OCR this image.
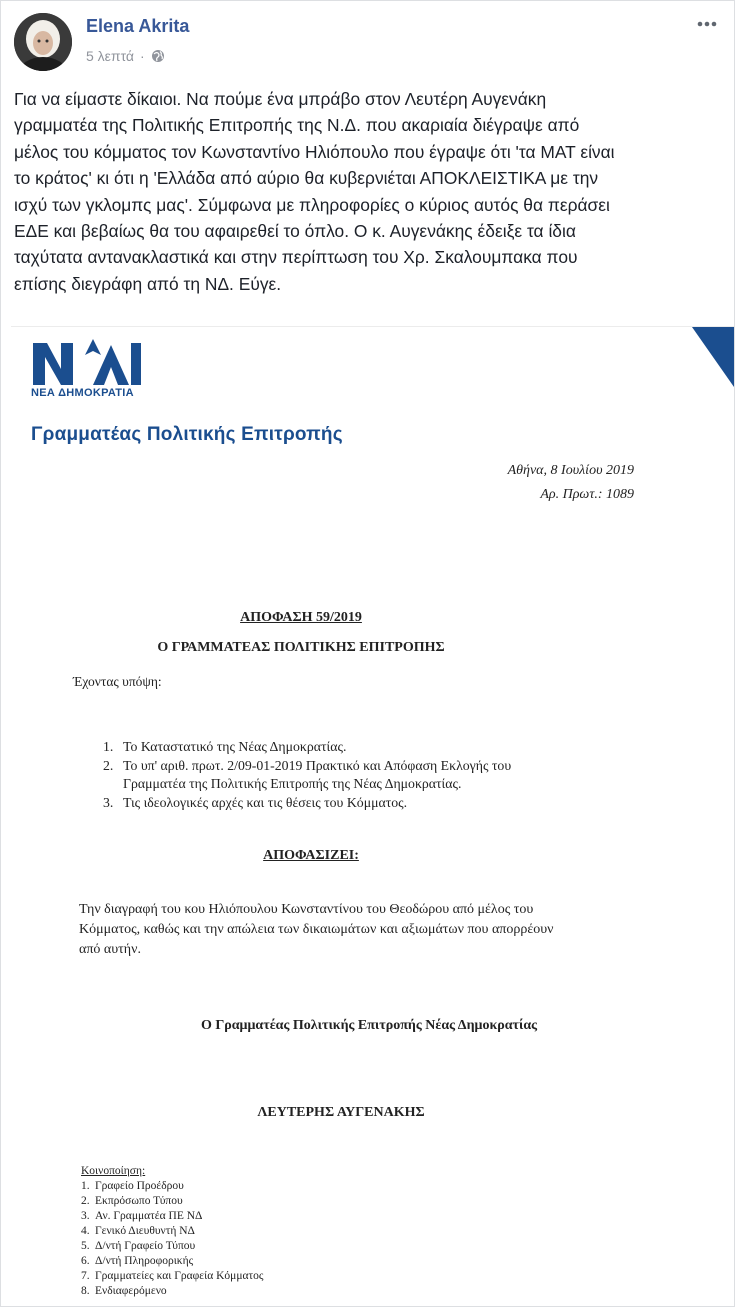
Elena Akrita
5 λεπτά ·
Για να είμαστε δίκαιοι. Να πούμε ένα μπράβο στον Λευτέρη Αυγενάκη
γραμματέα της Πολιτικής Επιτροπής της Ν.Δ. που ακαριαία διέγραψε από
μέλος του κόμματος τον Κωνσταντίνο Ηλιόπουλο που έγραψε ότι 'τα ΜΑΤ είναι
το κράτος' κι ότι η 'Ελλάδα από αύριο θα κυβερνιέται ΑΠΟΚΛΕΙΣΤΙΚΑ με την
ισχύ των γκλομπς μας'. Σύμφωνα με πληροφορίες ο κύριος αυτός θα περάσει
ΕΔΕ και βεβαίως θα του αφαιρεθεί το όπλο. Ο κ. Αυγενάκης έδειξε τα ίδια
ταχύτατα αντανακλαστικά και στην περίπτωση του Χρ. Σκαλουμπακα που
επίσης διεγράφη από τη ΝΔ. Εύγε.
ΝΕΑ ΔΗΜΟΚΡΑΤΙΑ
Γραμματέας Πολιτικής Επιτροπής
Αθήνα, 8 Ιουλίου 2019
Αρ. Πρωτ.: 1089
ΑΠΟΦΑΣΗ 59/2019
Ο ΓΡΑΜΜΑΤΕΑΣ ΠΟΛΙΤΙΚΗΣ ΕΠΙΤΡΟΠΗΣ
Έχοντας υπόψη:
1. Το Καταστατικό της Νέας Δημοκρατίας.
2. Το υπ' αριθ. πρωτ. 2/09-01-2019 Πρακτικό και Απόφαση Εκλογής του
Γραμματέα της Πολιτικής Επιτροπής της Νέας Δημοκρατίας.
3. Τις ιδεολογικές αρχές και τις θέσεις του Κόμματος.
ΑΠΟΦΑΣΙΖΕΙ:
Την διαγραφή του κου Ηλιόπουλου Κωνσταντίνου του Θεοδώρου από μέλος του
Κόμματος, καθώς και την απώλεια των δικαιωμάτων και αξιωμάτων που απορρέουν
από αυτήν.
Ο Γραμματέας Πολιτικής Επιτροπής Νέας Δημοκρατίας
ΛΕΥΤΕΡΗΣ ΑΥΓΕΝΑΚΗΣ
Κοινοποίηση:
1. Γραφείο Προέδρου
2. Εκπρόσωπο Τύπου
3. Αν. Γραμματέα ΠΕ ΝΔ
4. Γενικό Διευθυντή ΝΔ
5. Δ/ντή Γραφείο Τύπου
6. Δ/ντή Πληροφορικής
7. Γραμματείες και Γραφεία Κόμματος
8. Ενδιαφερόμενο
